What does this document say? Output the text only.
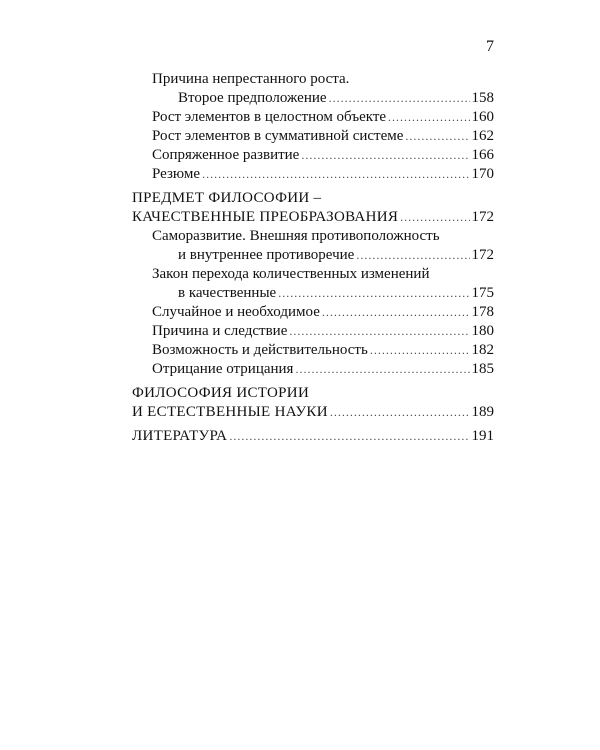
7
Причина непрестанного роста.
Второе предположение .....	158
Рост элементов в целостном объекте .....	160
Рост элементов в суммативной системе .....	162
Сопряженное развитие .....	166
Резюме .....	170
ПРЕДМЕТ ФИЛОСОФИИ –
КАЧЕСТВЕННЫЕ ПРЕОБРАЗОВАНИЯ .....	172
Саморазвитие. Внешняя противоположность
и внутреннее противоречие .....	172
Закон перехода количественных изменений
в качественные .....	175
Случайное и необходимое .....	178
Причина и следствие .....	180
Возможность и действительность .....	182
Отрицание отрицания .....	185
ФИЛОСОФИЯ ИСТОРИИ
И ЕСТЕСТВЕННЫЕ НАУКИ .....	189
ЛИТЕРАТУРА .....	191
